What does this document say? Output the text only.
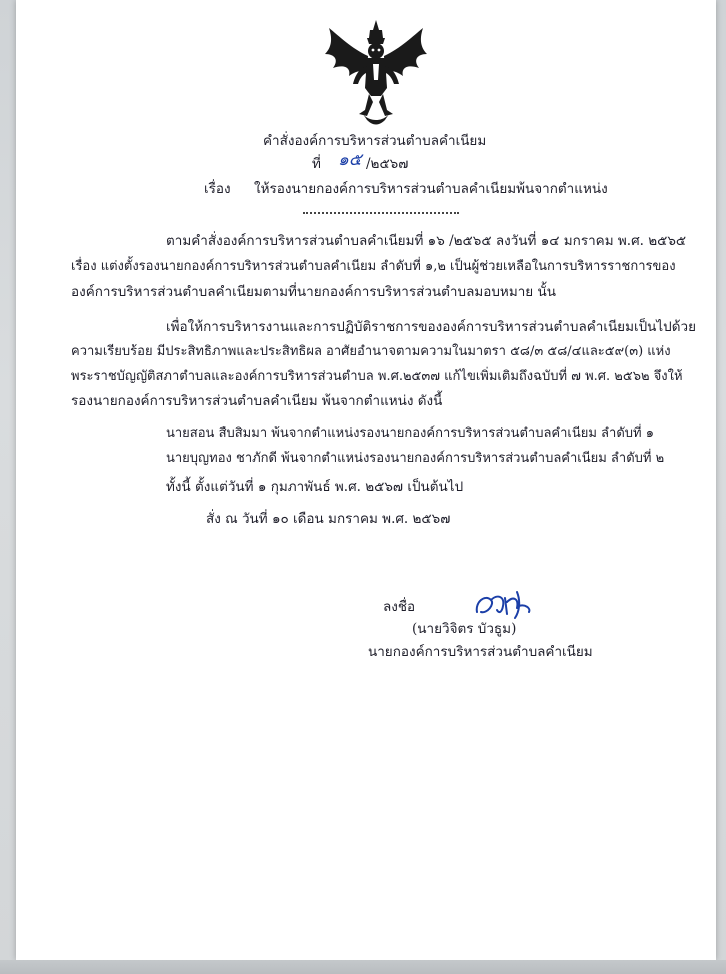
คำสั่งองค์การบริหารส่วนตำบลคำเนียม
ที่ ๑๕ /๒๕๖๗
เรื่อง ให้รองนายกองค์การบริหารส่วนตำบลคำเนียมพ้นจากตำแหน่ง
ตามคำสั่งองค์การบริหารส่วนตำบลคำเนียมที่ ๑๖ /๒๕๖๕ ลงวันที่ ๑๔ มกราคม พ.ศ. ๒๕๖๕
เรื่อง แต่งตั้งรองนายกองค์การบริหารส่วนตำบลคำเนียม ลำดับที่ ๑,๒ เป็นผู้ช่วยเหลือในการบริหารราชการของ
องค์การบริหารส่วนตำบลคำเนียมตามที่นายกองค์การบริหารส่วนตำบลมอบหมาย นั้น
เพื่อให้การบริหารงานและการปฏิบัติราชการขององค์การบริหารส่วนตำบลคำเนียมเป็นไปด้วย
ความเรียบร้อย มีประสิทธิภาพและประสิทธิผล อาศัยอำนาจตามความในมาตรา ๕๘/๓ ๕๘/๔และ๕๙(๓) แห่ง
พระราชบัญญัติสภาตำบลและองค์การบริหารส่วนตำบล พ.ศ.๒๕๓๗ แก้ไขเพิ่มเติมถึงฉบับที่ ๗ พ.ศ. ๒๕๖๒ จึงให้
รองนายกองค์การบริหารส่วนตำบลคำเนียม พ้นจากตำแหน่ง ดังนี้
นายสอน สืบสิมมา พ้นจากตำแหน่งรองนายกองค์การบริหารส่วนตำบลคำเนียม ลำดับที่ ๑
นายบุญทอง ชาภักดี พ้นจากตำแหน่งรองนายกองค์การบริหารส่วนตำบลคำเนียม ลำดับที่ ๒
ทั้งนี้ ตั้งแต่วันที่ ๑ กุมภาพันธ์ พ.ศ. ๒๕๖๗ เป็นต้นไป
สั่ง ณ วันที่ ๑๐ เดือน มกราคม พ.ศ. ๒๕๖๗
ลงชื่อ
(นายวิจิตร บัวธูม)
นายกองค์การบริหารส่วนตำบลคำเนียม
